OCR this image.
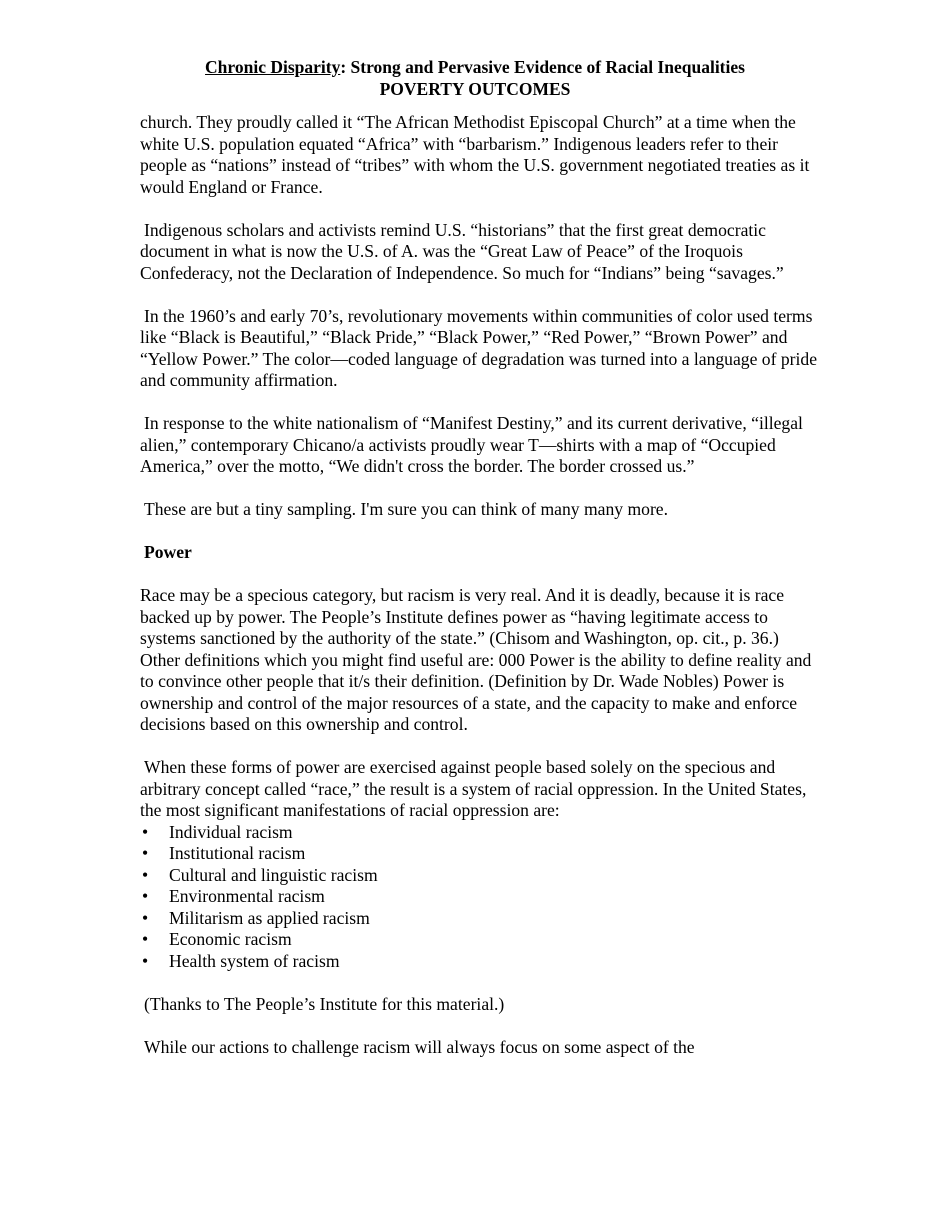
Chronic Disparity: Strong and Pervasive Evidence of Racial Inequalities
POVERTY OUTCOMES

church. They proudly called it “The African Methodist Episcopal Church” at a time when the white U.S. population equated “Africa” with “barbarism.” Indigenous leaders refer to their people as “nations” instead of “tribes” with whom the U.S. government negotiated treaties as it would England or France.

Indigenous scholars and activists remind U.S. “historians” that the first great democratic document in what is now the U.S. of A. was the “Great Law of Peace” of the Iroquois Confederacy, not the Declaration of Independence. So much for “Indians” being “savages.”

In the 1960’s and early 70’s, revolutionary movements within communities of color used terms like “Black is Beautiful,” “Black Pride,” “Black Power,” “Red Power,” “Brown Power” and “Yellow Power.” The color—coded language of degradation was turned into a language of pride and community affirmation.

In response to the white nationalism of “Manifest Destiny,” and its current derivative, “illegal alien,” contemporary Chicano/a activists proudly wear T—shirts with a map of “Occupied America,” over the motto, “We didn't cross the border. The border crossed us.”

These are but a tiny sampling. I'm sure you can think of many many more.

Power

Race may be a specious category, but racism is very real. And it is deadly, because it is race backed up by power. The People’s Institute defines power as “having legitimate access to systems sanctioned by the authority of the state.” (Chisom and Washington, op. cit., p. 36.) Other definitions which you might find useful are: 000 Power is the ability to define reality and to convince other people that it/s their definition. (Definition by Dr. Wade Nobles) Power is ownership and control of the major resources of a state, and the capacity to make and enforce decisions based on this ownership and control.

When these forms of power are exercised against people based solely on the specious and arbitrary concept called “race,” the result is a system of racial oppression. In the United States, the most significant manifestations of racial oppression are:

• Individual racism
• Institutional racism
• Cultural and linguistic racism
• Environmental racism
• Militarism as applied racism
• Economic racism
• Health system of racism

(Thanks to The People’s Institute for this material.)

While our actions to challenge racism will always focus on some aspect of the
